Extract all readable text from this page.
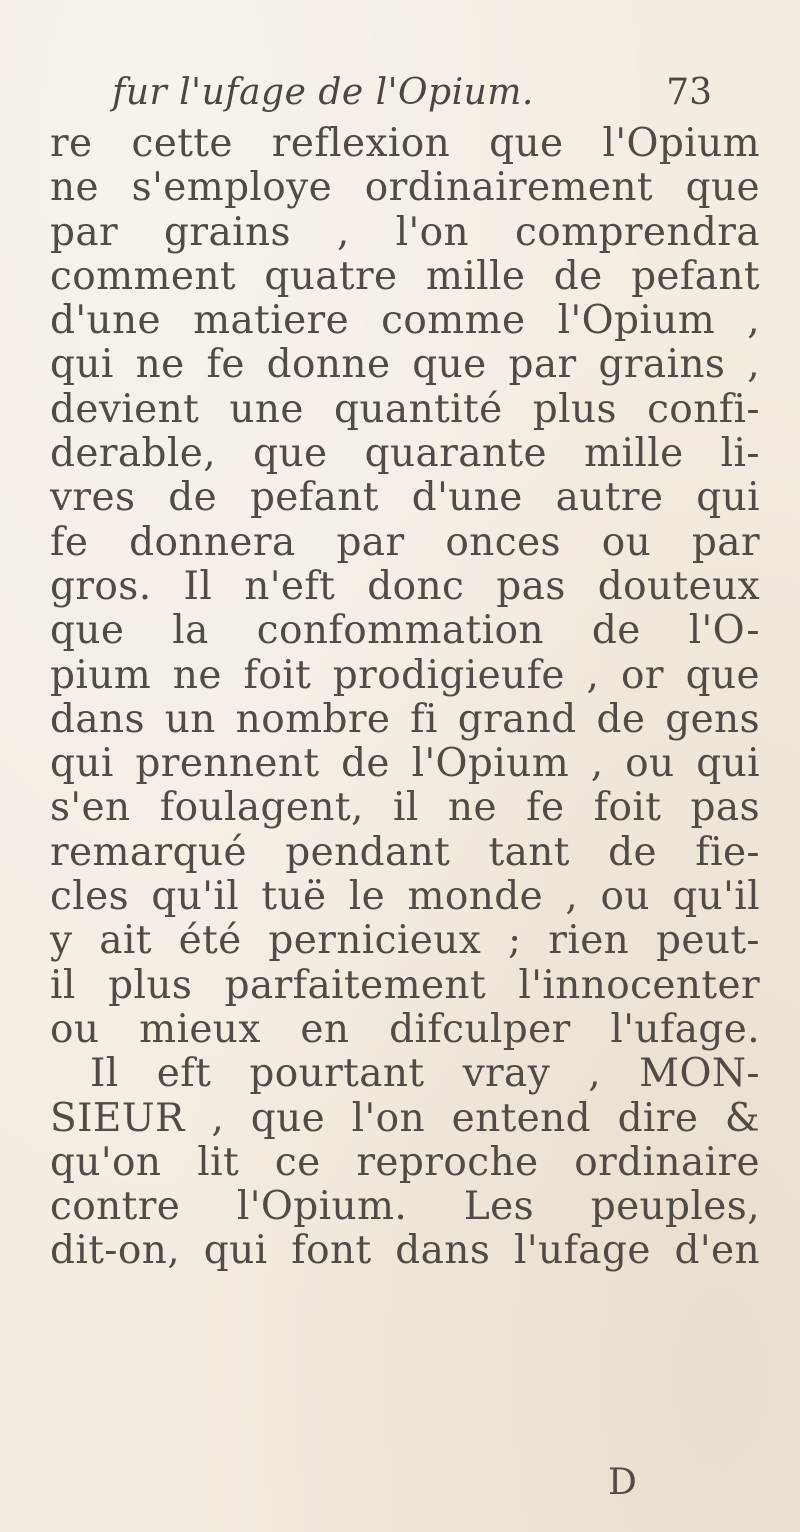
fur l'ufage de l'Opium.	73
re cette reflexion que l'Opium
ne s'employe ordinairement que
par grains , l'on comprendra
comment quatre mille de pefant
d'une matiere comme l'Opium ,
qui ne fe donne que par grains ,
devient une quantité plus confi-
derable, que quarante mille li-
vres de pefant d'une autre qui
fe donnera par onces ou par
gros. Il n'eft donc pas douteux
que la confommation de l'O-
pium ne foit prodigieufe , or que
dans un nombre fi grand de gens
qui prennent de l'Opium , ou qui
s'en foulagent, il ne fe foit pas
remarqué pendant tant de fie-
cles qu'il tuë le monde , ou qu'il
y ait été pernicieux ; rien peut-
il plus parfaitement l'innocenter
ou mieux en difculper l'ufage.
Il eft pourtant vray , MON-
SIEUR , que l'on entend dire &
qu'on lit ce reproche ordinaire
contre l'Opium. Les peuples,
dit-on, qui font dans l'ufage d'en
D
